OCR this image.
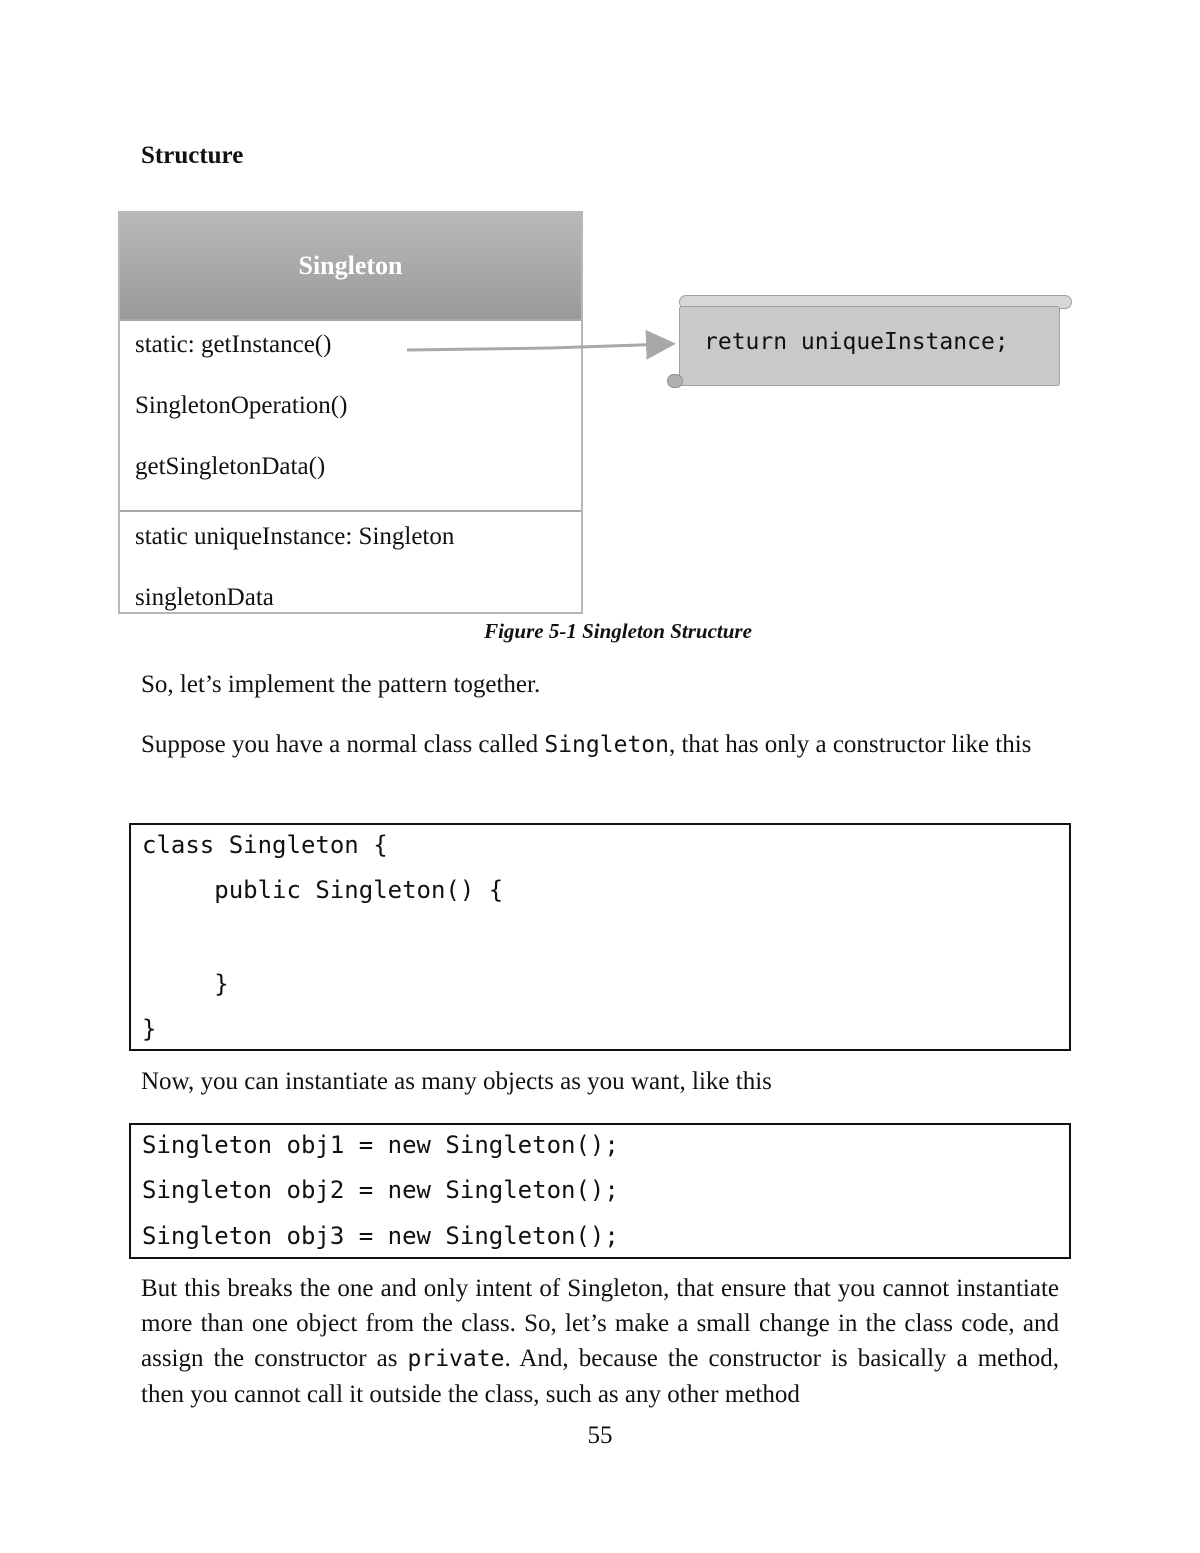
Structure
Singleton
static: getInstance()
SingletonOperation()
getSingletonData()
static uniqueInstance: Singleton
singletonData
return uniqueInstance;
Figure 5-1 Singleton Structure
So, let’s implement the pattern together.
Suppose you have a normal class called Singleton, that has only a constructor like this
class Singleton {
public Singleton() {
}
}
Now, you can instantiate as many objects as you want, like this
Singleton obj1 = new Singleton();
Singleton obj2 = new Singleton();
Singleton obj3 = new Singleton();
But this breaks the one and only intent of Singleton, that ensure that you cannot instantiate more than one object from the class. So, let’s make a small change in the class code, and assign the constructor as private. And, because the constructor is basically a method, then you cannot call it outside the class, such as any other method
55
